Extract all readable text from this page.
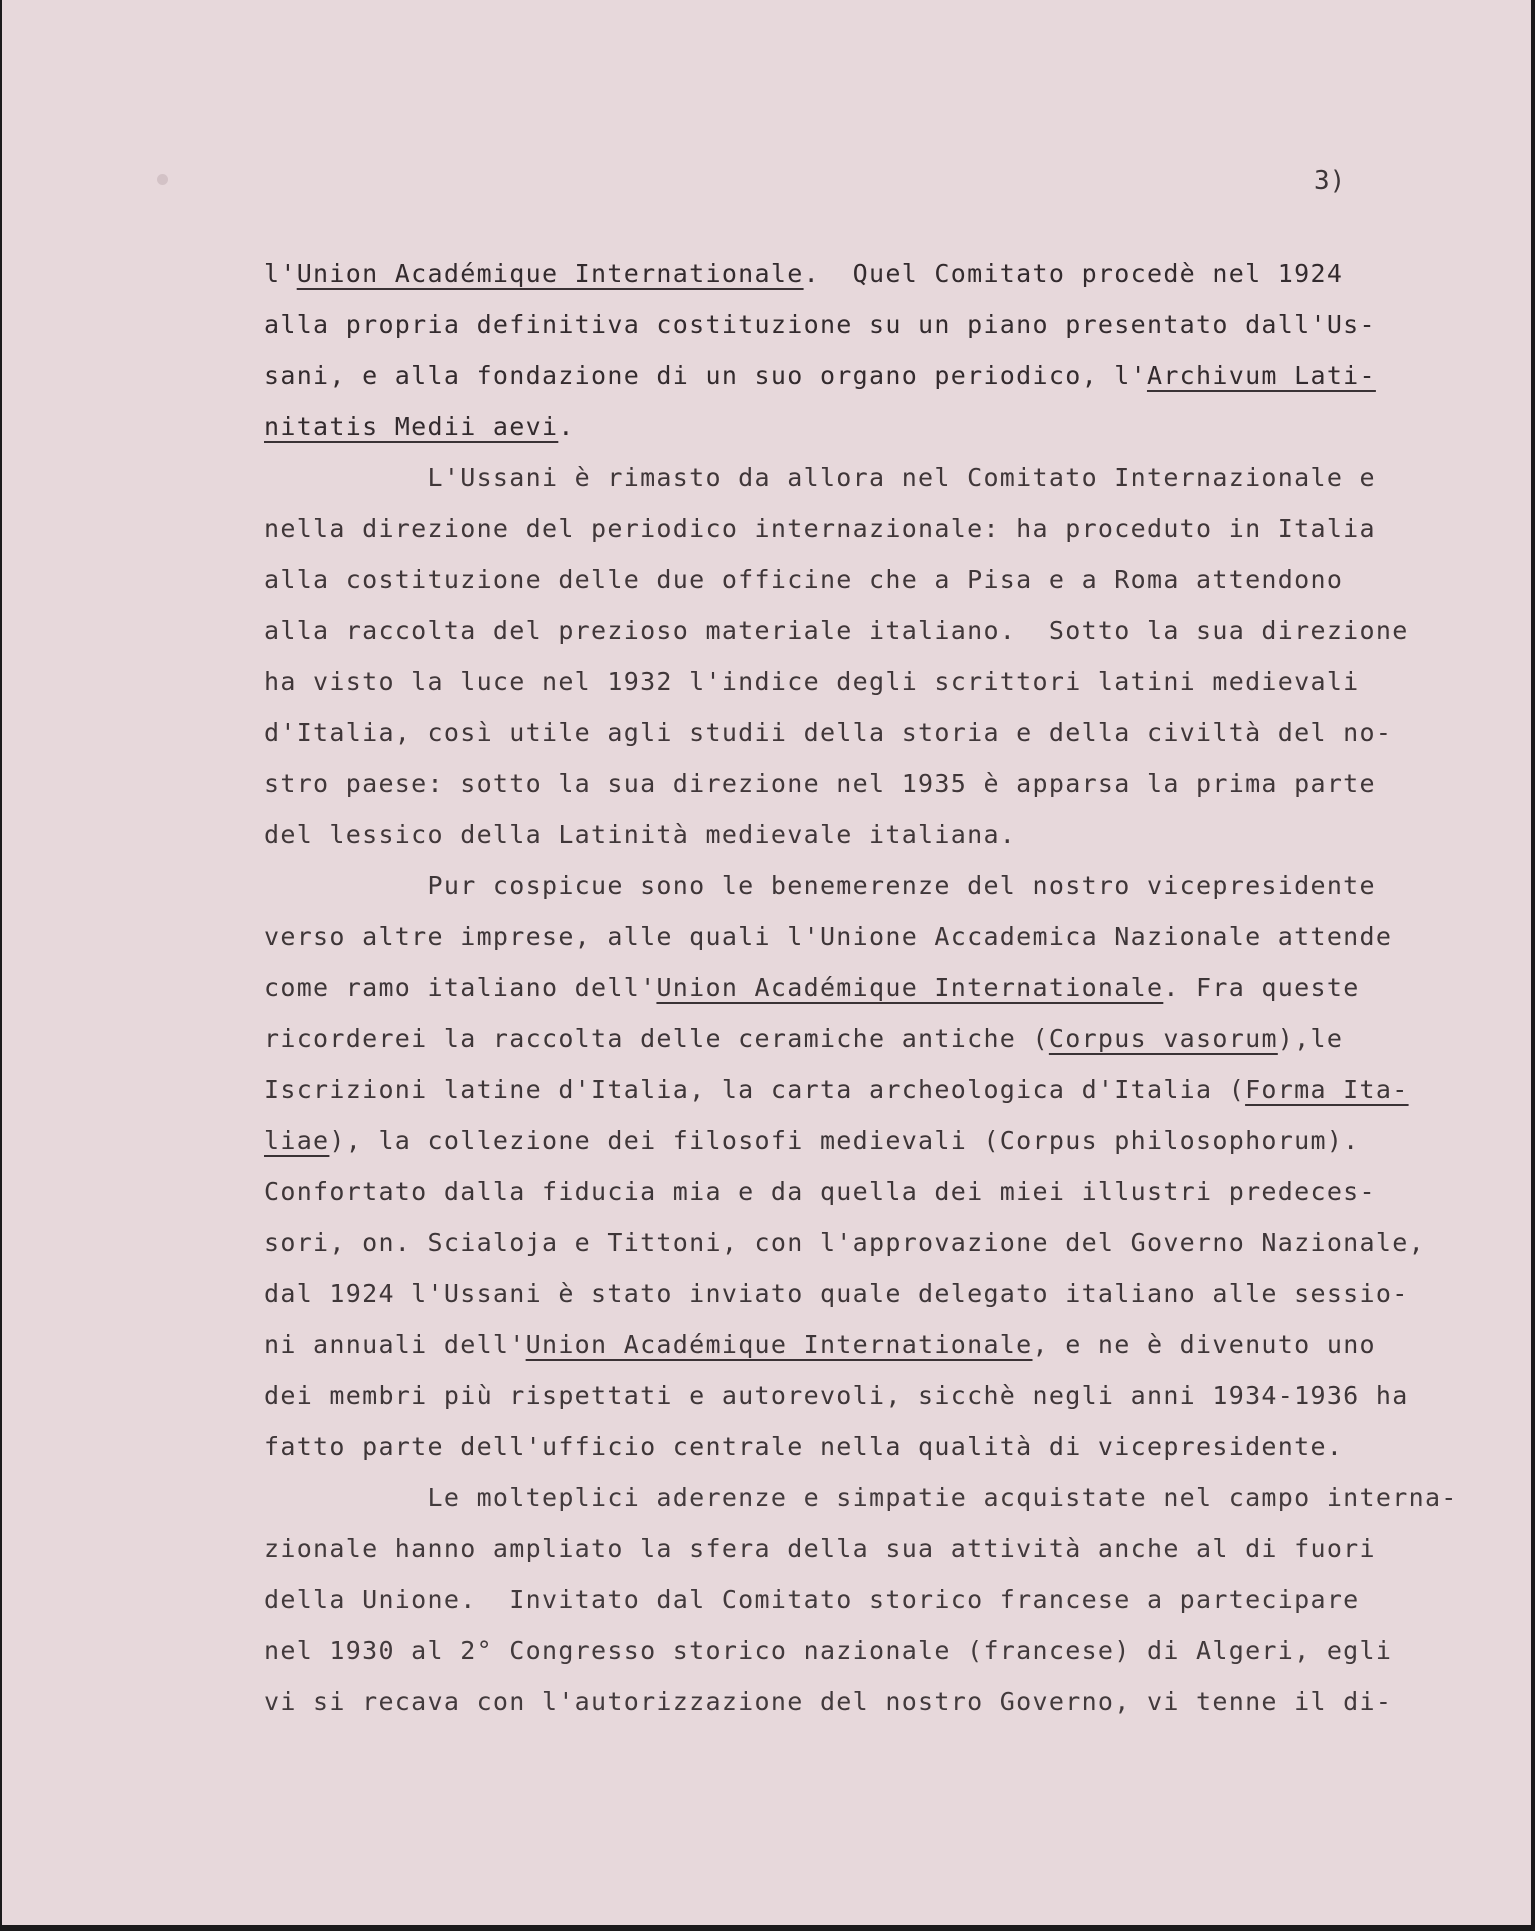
3)
l'Union Académique Internationale.  Quel Comitato procedè nel 1924
alla propria definitiva costituzione su un piano presentato dall'Us-
sani, e alla fondazione di un suo organo periodico, l'Archivum Lati-
nitatis Medii aevi.
L'Ussani è rimasto da allora nel Comitato Internazionale e
nella direzione del periodico internazionale: ha proceduto in Italia
alla costituzione delle due officine che a Pisa e a Roma attendono
alla raccolta del prezioso materiale italiano.  Sotto la sua direzione
ha visto la luce nel 1932 l'indice degli scrittori latini medievali
d'Italia, così utile agli studii della storia e della civiltà del no-
stro paese: sotto la sua direzione nel 1935 è apparsa la prima parte
del lessico della Latinità medievale italiana.
Pur cospicue sono le benemerenze del nostro vicepresidente
verso altre imprese, alle quali l'Unione Accademica Nazionale attende
come ramo italiano dell'Union Académique Internationale. Fra queste
ricorderei la raccolta delle ceramiche antiche (Corpus vasorum),le
Iscrizioni latine d'Italia, la carta archeologica d'Italia (Forma Ita-
liae), la collezione dei filosofi medievali (Corpus philosophorum).
Confortato dalla fiducia mia e da quella dei miei illustri predeces-
sori, on. Scialoja e Tittoni, con l'approvazione del Governo Nazionale,
dal 1924 l'Ussani è stato inviato quale delegato italiano alle sessio-
ni annuali dell'Union Académique Internationale, e ne è divenuto uno
dei membri più rispettati e autorevoli, sicchè negli anni 1934-1936 ha
fatto parte dell'ufficio centrale nella qualità di vicepresidente.
Le molteplici aderenze e simpatie acquistate nel campo interna-
zionale hanno ampliato la sfera della sua attività anche al di fuori
della Unione.  Invitato dal Comitato storico francese a partecipare
nel 1930 al 2° Congresso storico nazionale (francese) di Algeri, egli
vi si recava con l'autorizzazione del nostro Governo, vi tenne il di-
